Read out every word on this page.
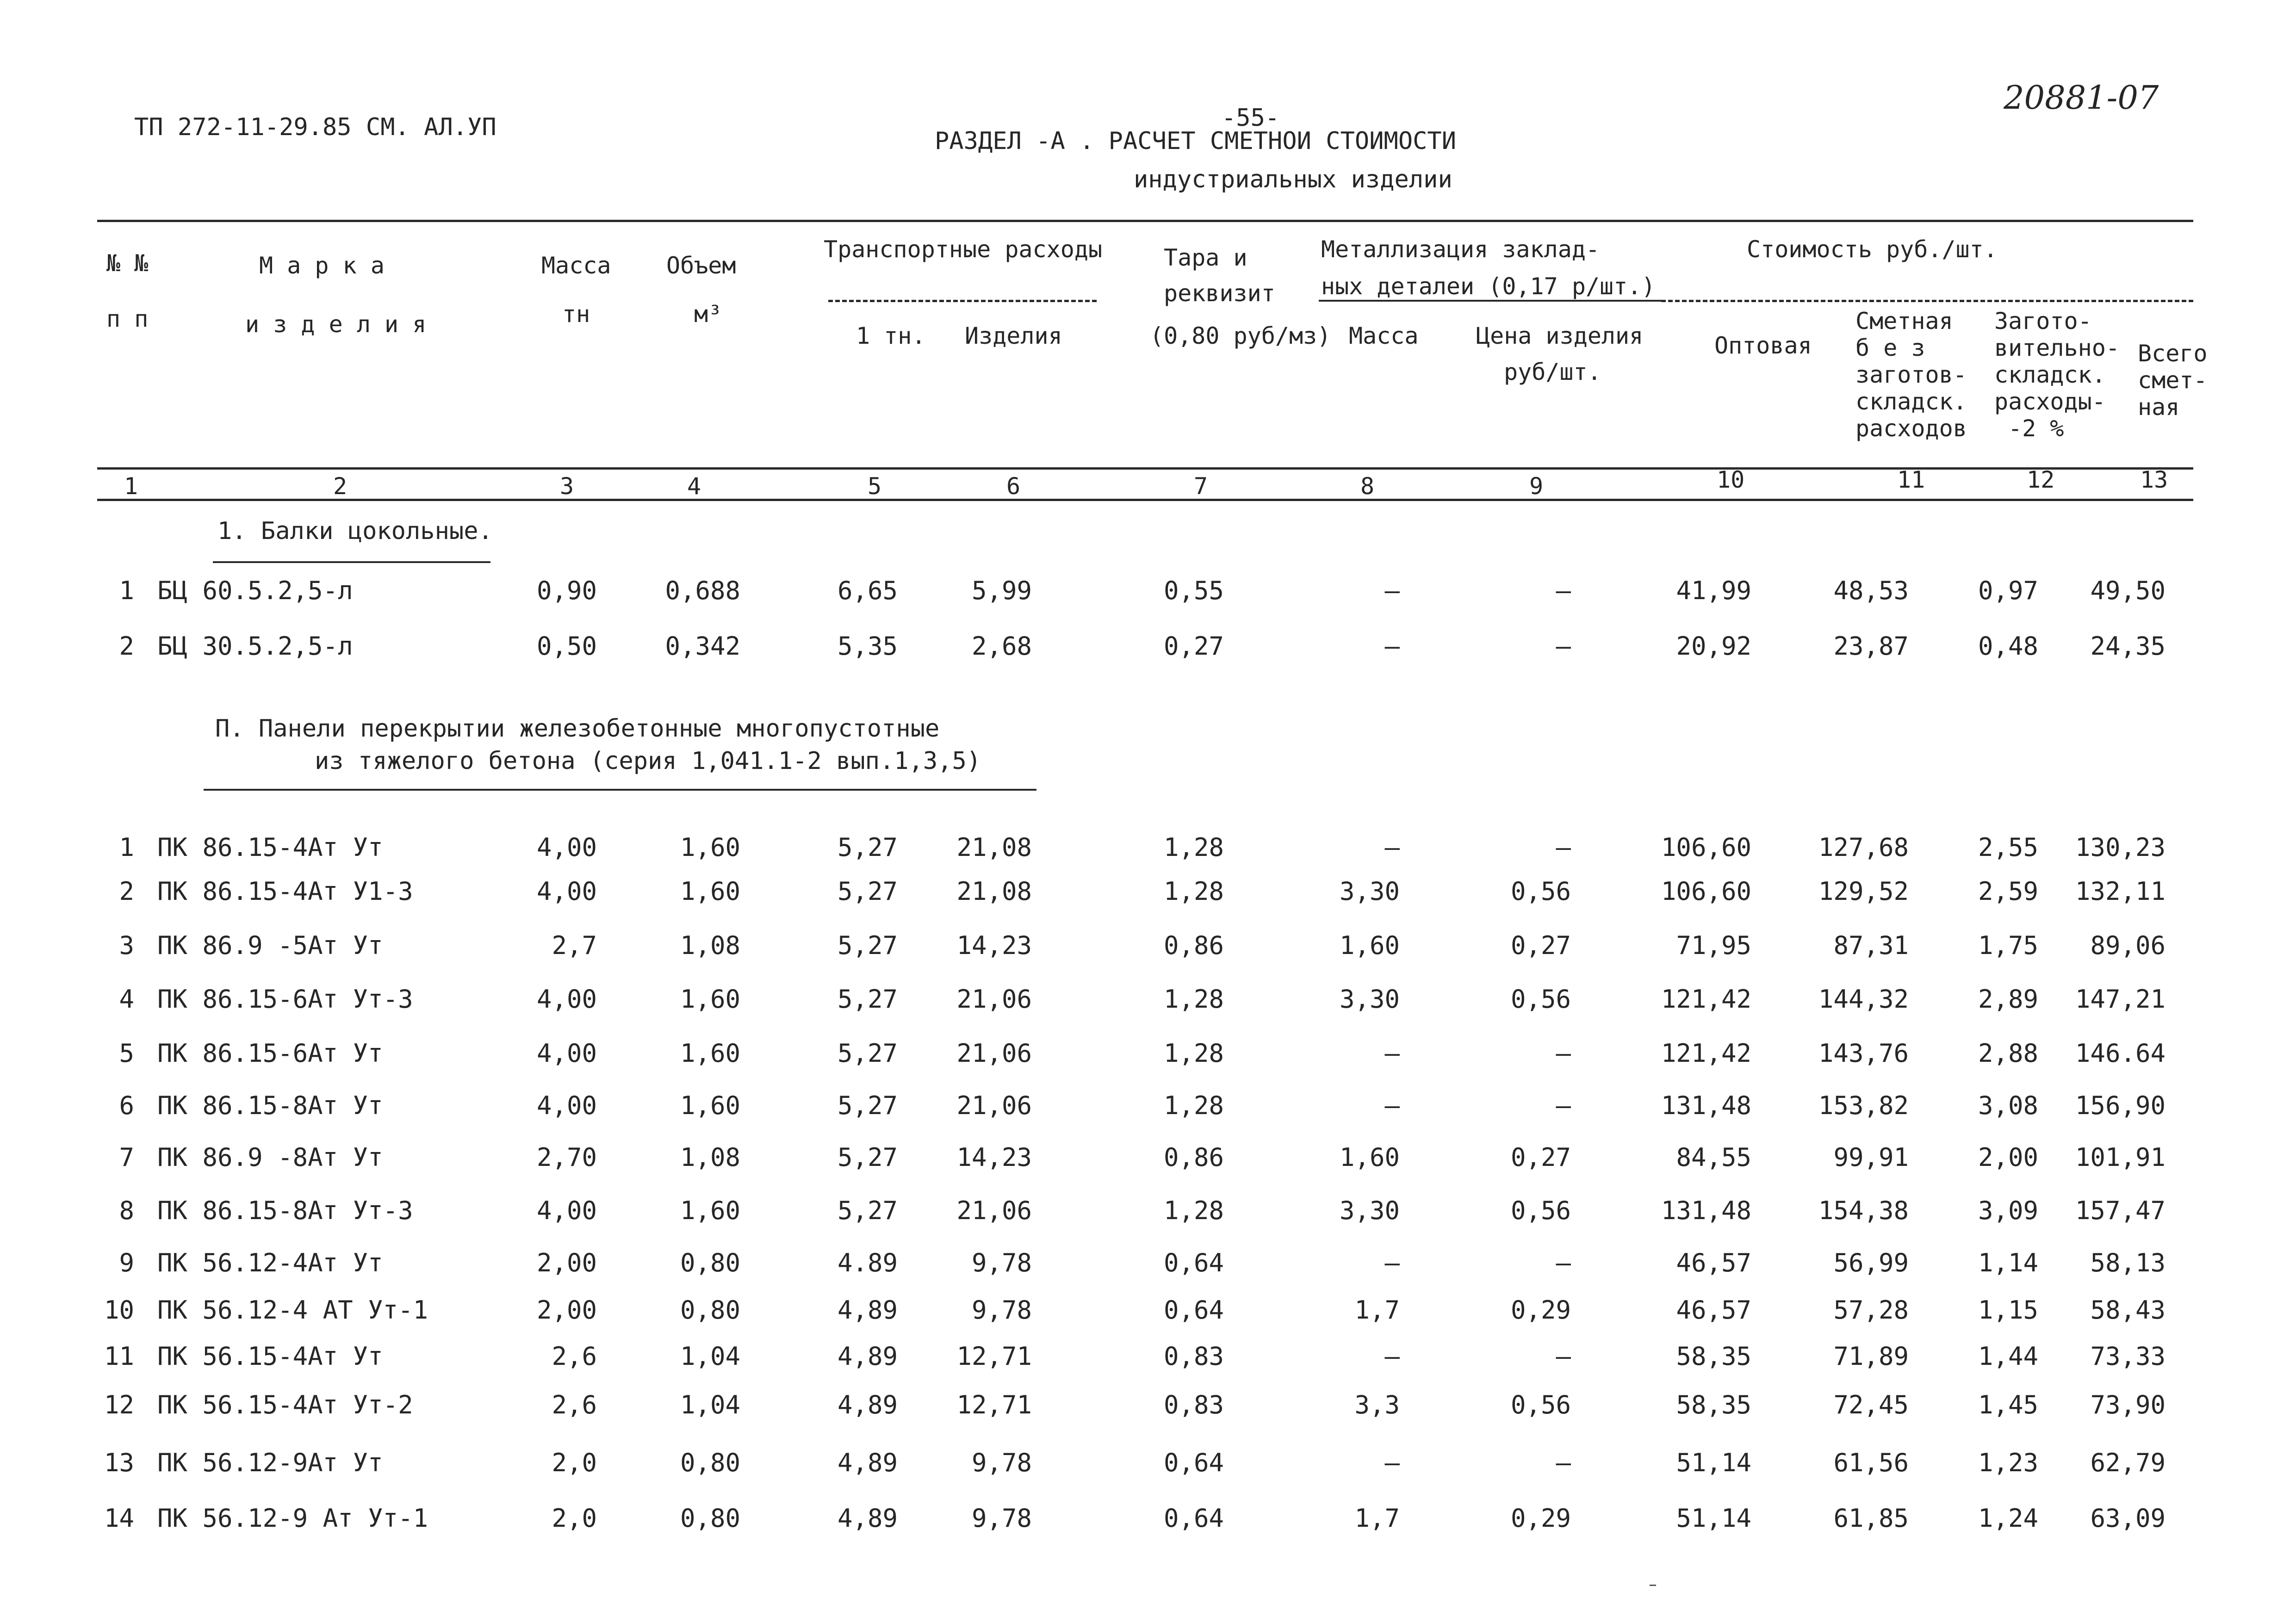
ТП 272-11-29.85 СМ. АЛ.УП	-55-
РАЗДЕЛ -А . РАСЧЕТ СМЕТНОИ СТОИМОСТИ
индустриальных изделии
20881-07
№ №
п п
М а р к а
и з д е л и я
Масса
тн
Объем
м³
Транспортные расходы
1 тн. Изделия
Тара и
реквизит
(0,80 руб/мз)
Металлизация заклад-
ных деталеи (0,17 р/шт.)
Масса Цена изделия
руб/шт.
Стоимость руб./шт.
Оптовая
Сметная
б е з
заготов-
складск.
расходов
Загото-
вительно-
складск.
расходы-
-2 %
Всего
смет-
ная
1	2	3	4	5	6	7	8	9	10	11	12	13
1. Балки цокольные.
П. Панели перекрытии железобетонные многопустотные
из тяжелого бетона (серия 1,041.1-2 вып.1,3,5)
1 БЦ 60.5.2,5-л	0,90	0,688	6,65	5,99	0,55	–	–	41,99	48,53	0,97 49,50
2 БЦ 30.5.2,5-л	0,50	0,342	5,35	2,68	0,27	–	–	20,92	23,87	0,48 24,35
1 ПК 86.15-4Ат Ут	4,00	1,60	5,27 21,08	1,28	–	–	106,60	127,68	2,55 130,23
2 ПК 86.15-4Ат У1-3	4,00	1,60	5,27 21,08	1,28	3,30	0,56	106,60	129,52	2,59 132,11
3 ПК 86.9 -5Ат Ут	2,7	1,08	5,27 14,23	0,86	1,60	0,27	71,95	87,31	1,75 89,06
4 ПК 86.15-6Ат Ут-3	4,00	1,60	5,27 21,06	1,28	3,30	0,56	121,42	144,32	2,89 147,21
5 ПК 86.15-6Ат Ут	4,00	1,60	5,27 21,06	1,28	–	–	121,42	143,76	2,88 146.64
6 ПК 86.15-8Ат Ут	4,00	1,60	5,27 21,06	1,28	–	–	131,48	153,82	3,08 156,90
7 ПК 86.9 -8Ат Ут	2,70	1,08	5,27 14,23	0,86	1,60	0,27	84,55	99,91	2,00 101,91
8 ПК 86.15-8Ат Ут-3	4,00	1,60	5,27 21,06	1,28	3,30	0,56	131,48	154,38	3,09 157,47
9 ПК 56.12-4Ат Ут	2,00	0,80	4.89	9,78	0,64	–	–	46,57	56,99	1,14 58,13
10 ПК 56.12-4 АТ Ут-1	2,00	0,80	4,89	9,78	0,64	1,7	0,29	46,57	57,28	1,15 58,43
11 ПК 56.15-4Ат Ут	2,6	1,04	4,89 12,71	0,83	–	–	58,35	71,89	1,44 73,33
12 ПК 56.15-4Ат Ут-2	2,6	1,04	4,89 12,71	0,83	3,3	0,56	58,35	72,45	1,45 73,90
13 ПК 56.12-9Ат Ут	2,0	0,80	4,89	9,78	0,64	–	–	51,14	61,56	1,23 62,79
14 ПК 56.12-9 Ат Ут-1	2,0	0,80	4,89	9,78	0,64	1,7	0,29	51,14	61,85	1,24 63,09
